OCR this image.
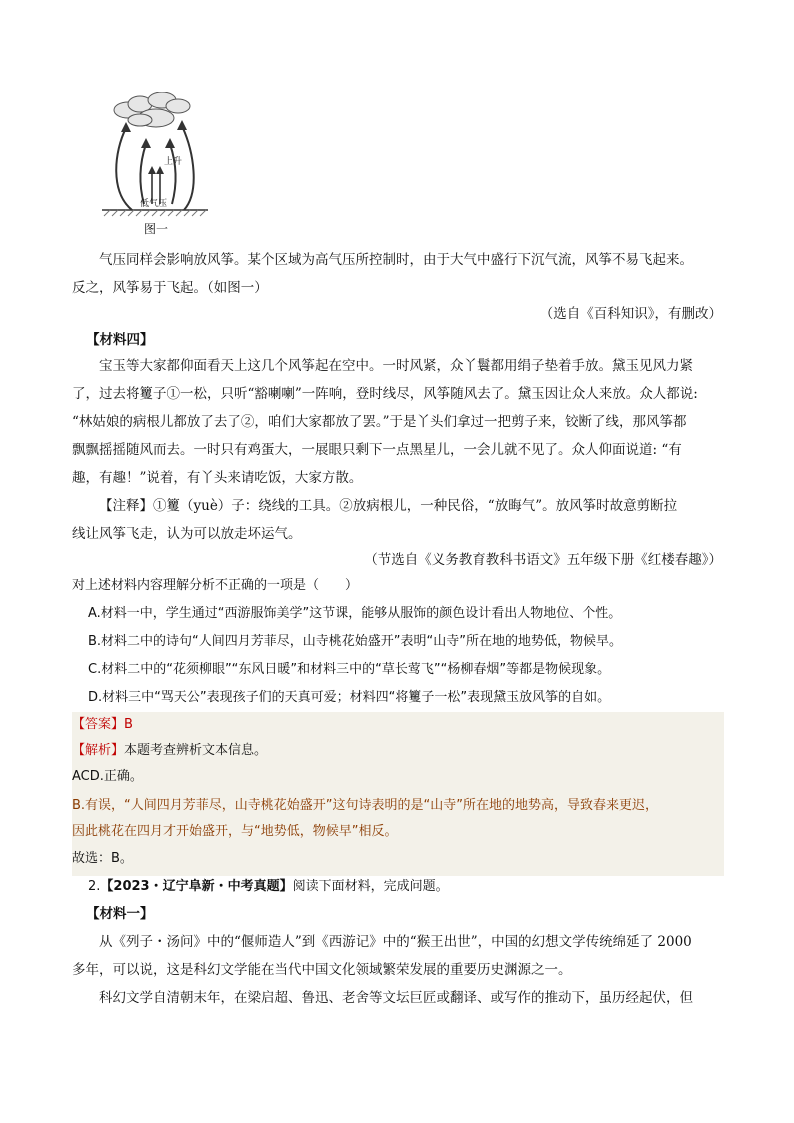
上升
低气压
图一

气压同样会影响放风筝。某个区域为高气压所控制时，由于大气中盛行下沉气流，风筝不易飞起来。

反之，风筝易于飞起。（如图一）

（选自《百科知识》，有删改）

【材料四】

宝玉等大家都仰面看天上这几个风筝起在空中。一时风紧，众丫鬟都用绢子垫着手放。黛玉见风力紧

了，过去将籰子①一松，只听“豁喇喇”一阵响，登时线尽，风筝随风去了。黛玉因让众人来放。众人都说:

“林姑娘的病根儿都放了去了②，咱们大家都放了罢。”于是丫头们拿过一把剪子来，铰断了线，那风筝都

飘飘摇摇随风而去。一时只有鸡蛋大，一展眼只剩下一点黑星儿，一会儿就不见了。众人仰面说道: “有

趣，有趣！”说着，有丫头来请吃饭，大家方散。

【注释】①籰（yuè）子：绕线的工具。②放病根儿，一种民俗，“放晦气”。放风筝时故意剪断拉

线让风筝飞走，认为可以放走坏运气。

（节选自《义务教育教科书语文》五年级下册《红楼春趣》）

对上述材料内容理解分析不正确的一项是（　　）

A.材料一中，学生通过“西游服饰美学”这节课，能够从服饰的颜色设计看出人物地位、个性。

B.材料二中的诗句“人间四月芳菲尽，山寺桃花始盛开”表明“山寺”所在地的地势低，物候早。

C.材料二中的“花须柳眼”“东风日暖”和材料三中的“草长莺飞”“杨柳春烟”等都是物候现象。

D.材料三中“骂天公”表现孩子们的天真可爱；材料四“将籰子一松”表现黛玉放风筝的自如。

【答案】B
【解析】本题考查辨析文本信息。
ACD.正确。
B.有误，“人间四月芳菲尽，山寺桃花始盛开”这句诗表明的是“山寺”所在地的地势高，导致春来更迟，
因此桃花在四月才开始盛开，与“地势低，物候早”相反。
故选：B。
2.【2023・辽宁阜新・中考真题】阅读下面材料，完成问题。

【材料一】

从《列子・汤问》中的“偃师造人”到《西游记》中的“猴王出世”，中国的幻想文学传统绵延了 2000

多年，可以说，这是科幻文学能在当代中国文化领域繁荣发展的重要历史渊源之一。

科幻文学自清朝末年，在梁启超、鲁迅、老舍等文坛巨匠或翻译、或写作的推动下，虽历经起伏，但
